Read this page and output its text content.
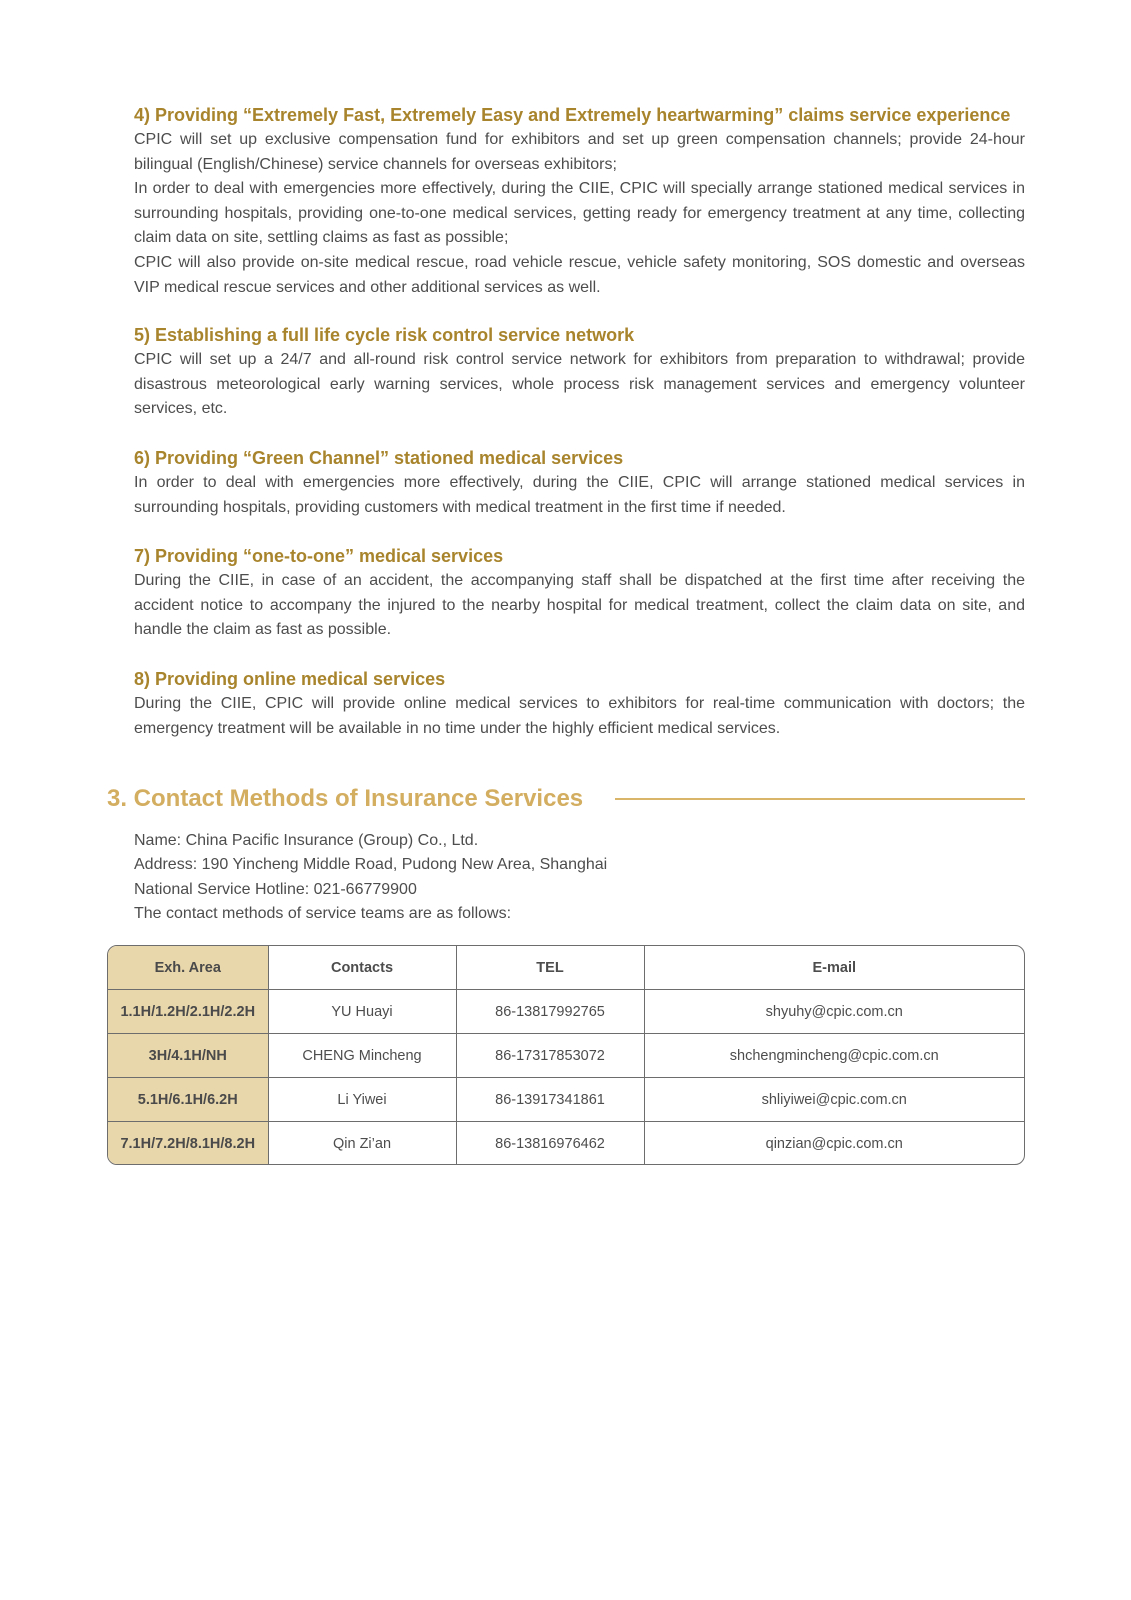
4) Providing “Extremely Fast, Extremely Easy and Extremely heartwarming” claims service experience

CPIC will set up exclusive compensation fund for exhibitors and set up green compensation channels; provide 24-hour bilingual (English/Chinese) service channels for overseas exhibitors;

In order to deal with emergencies more effectively, during the CIIE, CPIC will specially arrange stationed medical services in surrounding hospitals, providing one-to-one medical services, getting ready for emergency treatment at any time, collecting claim data on site, settling claims as fast as possible;

CPIC will also provide on-site medical rescue, road vehicle rescue, vehicle safety monitoring, SOS domestic and overseas VIP medical rescue services and other additional services as well.

5) Establishing a full life cycle risk control service network

CPIC will set up a 24/7 and all-round risk control service network for exhibitors from preparation to withdrawal; provide disastrous meteorological early warning services, whole process risk management services and emergency volunteer services, etc.

6) Providing “Green Channel” stationed medical services

In order to deal with emergencies more effectively, during the CIIE, CPIC will arrange stationed medical services in surrounding hospitals, providing customers with medical treatment in the first time if needed.

7) Providing “one-to-one” medical services

During the CIIE, in case of an accident, the accompanying staff shall be dispatched at the first time after receiving the accident notice to accompany the injured to the nearby hospital for medical treatment, collect the claim data on site, and handle the claim as fast as possible.

8) Providing online medical services

During the CIIE, CPIC will provide online medical services to exhibitors for real-time communication with doctors; the emergency treatment will be available in no time under the highly efficient medical services.

3. Contact Methods of Insurance Services
Name: China Pacific Insurance (Group) Co., Ltd.
Address: 190 Yincheng Middle Road, Pudong New Area, Shanghai
National Service Hotline: 021-66779900
The contact methods of service teams are as follows:
Exh. Area	Contacts	TEL	E-mail
1.1H/1.2H/2.1H/2.2H	YU Huayi	86-13817992765	shyuhy@cpic.com.cn
3H/4.1H/NH	CHENG Mincheng	86-17317853072	shchengmincheng@cpic.com.cn
5.1H/6.1H/6.2H	Li Yiwei	86-13917341861	shliyiwei@cpic.com.cn
7.1H/7.2H/8.1H/8.2H	Qin Zi’an	86-13816976462	qinzian@cpic.com.cn
